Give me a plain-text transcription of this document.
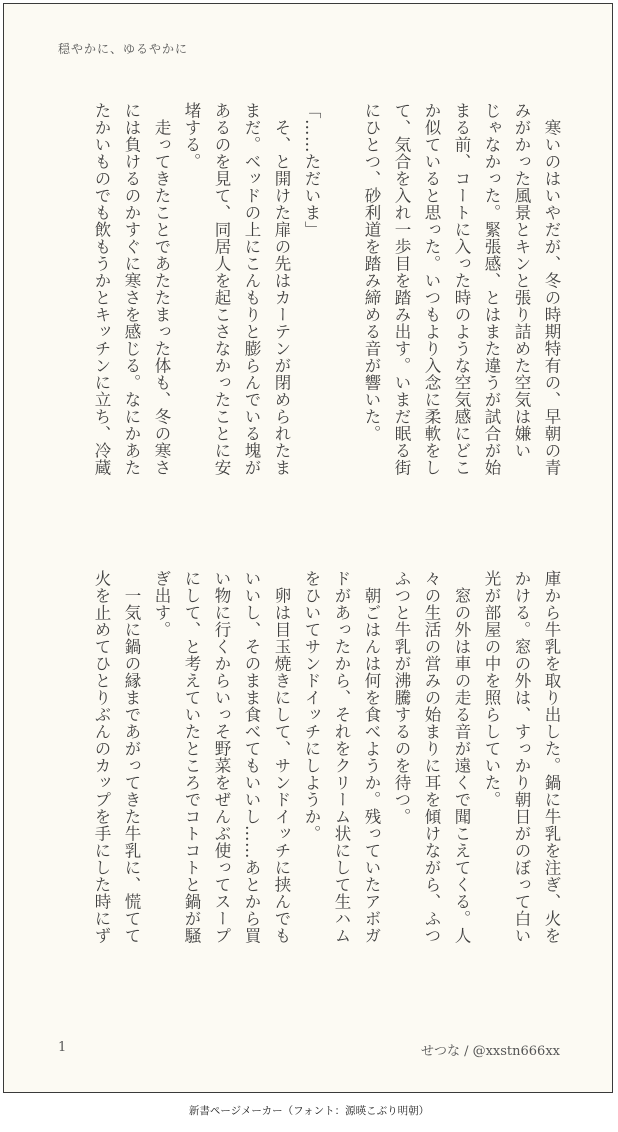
穏やかに、ゆるやかに
　寒いのはいやだが、冬の時期特有の、早朝の青
みがかった風景とキンと張り詰めた空気は嫌い
じゃなかった。緊張感、とはまた違うが試合が始
まる前、コートに入った時のような空気感にどこ
か似ていると思った。いつもより入念に柔軟をし
て、気合を入れ一歩目を踏み出す。いまだ眠る街
にひとつ、砂利道を踏み締める音が響いた。
「……ただいま」
　そ、と開けた扉の先はカーテンが閉められたま
まだ。ベッドの上にこんもりと膨らんでいる塊が
あるのを見て、同居人を起こさなかったことに安
堵する。
　走ってきたことであたたまった体も、冬の寒さ
には負けるのかすぐに寒さを感じる。なにかあた
たかいものでも飲もうかとキッチンに立ち、冷蔵
庫から牛乳を取り出した。鍋に牛乳を注ぎ、火を
かける。窓の外は、すっかり朝日がのぼって白い
光が部屋の中を照らしていた。
　窓の外は車の走る音が遠くで聞こえてくる。人
々の生活の営みの始まりに耳を傾けながら、ふつ
ふつと牛乳が沸騰するのを待つ。
　朝ごはんは何を食べようか。残っていたアボガ
ドがあったから、それをクリーム状にして生ハム
をひいてサンドイッチにしようか。
　卵は目玉焼きにして、サンドイッチに挟んでも
いいし、そのまま食べてもいいし……あとから買
い物に行くからいっそ野菜をぜんぶ使ってスープ
にして、と考えていたところでコトコトと鍋が騒
ぎ出す。
　一気に鍋の縁まであがってきた牛乳に、慌てて
火を止めてひとりぶんのカップを手にした時にず
1	せつな / @xxstn666xx
新書ページメーカー（フォント：源暎こぶり明朝）
